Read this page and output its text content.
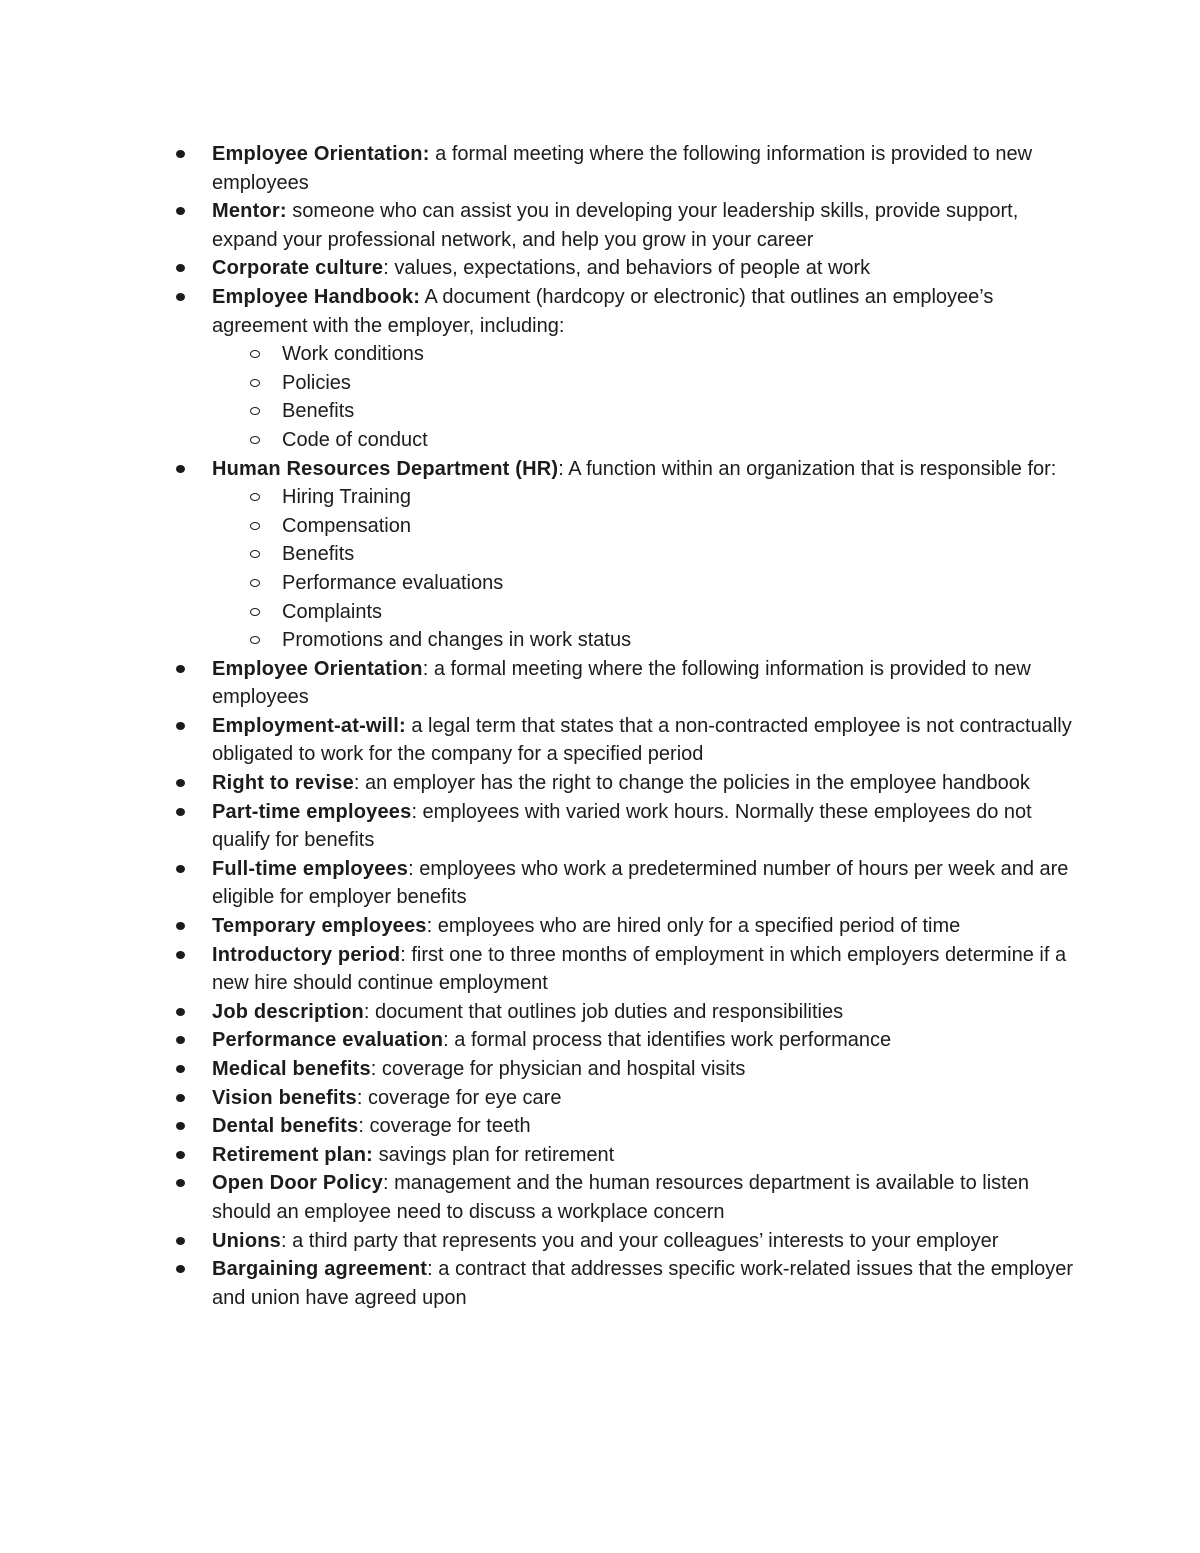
Employee Orientation: a formal meeting where the following information is provided to new employees
Mentor: someone who can assist you in developing your leadership skills, provide support, expand your professional network, and help you grow in your career
Corporate culture: values, expectations, and behaviors of people at work
Employee Handbook: A document (hardcopy or electronic) that outlines an employee’s agreement with the employer, including:
Work conditions
Policies
Benefits
Code of conduct
Human Resources Department (HR): A function within an organization that is responsible for:
Hiring Training
Compensation
Benefits
Performance evaluations
Complaints
Promotions and changes in work status
Employee Orientation: a formal meeting where the following information is provided to new employees
Employment-at-will: a legal term that states that a non-contracted employee is not contractually obligated to work for the company for a specified period
Right to revise: an employer has the right to change the policies in the employee handbook
Part-time employees: employees with varied work hours. Normally these employees do not qualify for benefits
Full-time employees: employees who work a predetermined number of hours per week and are eligible for employer benefits
Temporary employees: employees who are hired only for a specified period of time
Introductory period: first one to three months of employment in which employers determine if a new hire should continue employment
Job description: document that outlines job duties and responsibilities
Performance evaluation: a formal process that identifies work performance
Medical benefits: coverage for physician and hospital visits
Vision benefits: coverage for eye care
Dental benefits: coverage for teeth
Retirement plan: savings plan for retirement
Open Door Policy: management and the human resources department is available to listen should an employee need to discuss a workplace concern
Unions: a third party that represents you and your colleagues’ interests to your employer
Bargaining agreement: a contract that addresses specific work-related issues that the employer and union have agreed upon
